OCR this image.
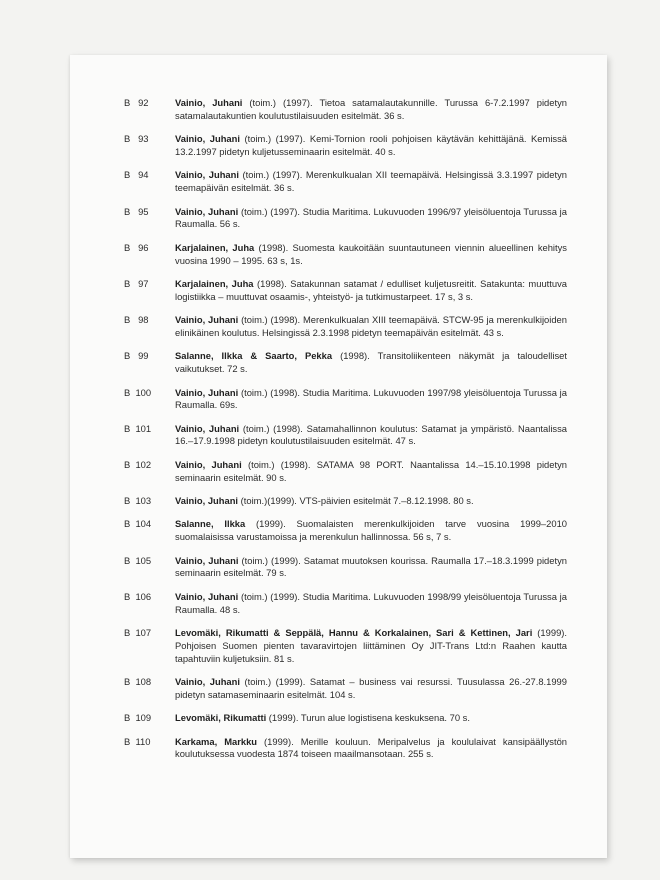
B   92	Vainio, Juhani (toim.) (1997). Tietoa satamalautakunnille. Turussa 6-7.2.1997 pidetyn satamalautakuntien koulutustilaisuuden esitelmät. 36 s.
B   93	Vainio, Juhani (toim.) (1997). Kemi-Tornion rooli pohjoisen käytävän kehittäjänä. Kemissä 13.2.1997 pidetyn kuljetusseminaarin esitelmät. 40 s.
B   94	Vainio, Juhani (toim.) (1997). Merenkulkualan XII teemapäivä. Helsingissä 3.3.1997 pidetyn teemapäivän esitelmät. 36 s.
B   95	Vainio, Juhani (toim.) (1997). Studia Maritima. Lukuvuoden 1996/97 yleisöluentoja Turussa ja Raumalla. 56 s.
B   96	Karjalainen, Juha (1998). Suomesta kaukoitään suuntautuneen viennin alueellinen kehitys vuosina 1990 – 1995. 63 s, 1s.
B   97	Karjalainen, Juha (1998). Satakunnan satamat / edulliset kuljetusreitit. Satakunta: muuttuva logistiikka – muuttuvat osaamis-, yhteistyö- ja tutkimustarpeet. 17 s, 3 s.
B   98	Vainio, Juhani (toim.) (1998). Merenkulkualan XIII teemapäivä. STCW-95 ja merenkulkijoiden elinikäinen koulutus. Helsingissä 2.3.1998 pidetyn teemapäivän esitelmät. 43 s.
B   99	Salanne, Ilkka & Saarto, Pekka (1998). Transitoliikenteen näkymät ja taloudelliset vaikutukset. 72 s.
B  100	Vainio, Juhani (toim.) (1998). Studia Maritima. Lukuvuoden 1997/98 yleisöluentoja Turussa ja Raumalla. 69s.
B  101	Vainio, Juhani (toim.) (1998). Satamahallinnon koulutus: Satamat ja ympäristö. Naantalissa 16.–17.9.1998 pidetyn koulutustilaisuuden esitelmät. 47 s.
B  102	Vainio, Juhani (toim.) (1998). SATAMA 98 PORT. Naantalissa 14.–15.10.1998 pidetyn seminaarin esitelmät. 90 s.
B  103	Vainio, Juhani (toim.)(1999). VTS-päivien esitelmät 7.–8.12.1998. 80 s.
B  104	Salanne, Ilkka (1999). Suomalaisten merenkulkijoiden tarve vuosina 1999–2010 suomalaisissa varustamoissa ja merenkulun hallinnossa. 56 s, 7 s.
B  105	Vainio, Juhani (toim.) (1999). Satamat muutoksen kourissa. Raumalla 17.–18.3.1999 pidetyn seminaarin esitelmät. 79 s.
B  106	Vainio, Juhani (toim.) (1999). Studia Maritima. Lukuvuoden 1998/99 yleisöluentoja Turussa ja Raumalla. 48 s.
B  107	Levomäki, Rikumatti & Seppälä, Hannu & Korkalainen, Sari & Kettinen, Jari (1999). Pohjoisen Suomen pienten tavaravirtojen liittäminen Oy JIT-Trans Ltd:n Raahen kautta tapahtuviin kuljetuksiin. 81 s.
B  108	Vainio, Juhani (toim.) (1999). Satamat – business vai resurssi. Tuusulassa 26.-27.8.1999 pidetyn satamaseminaarin esitelmät. 104 s.
B  109	Levomäki, Rikumatti (1999). Turun alue logistisena keskuksena. 70 s.
B  110	Karkama, Markku (1999). Merille kouluun. Meripalvelus ja koululaivat kansipäällystön koulutuksessa vuodesta 1874 toiseen maailmansotaan. 255 s.
